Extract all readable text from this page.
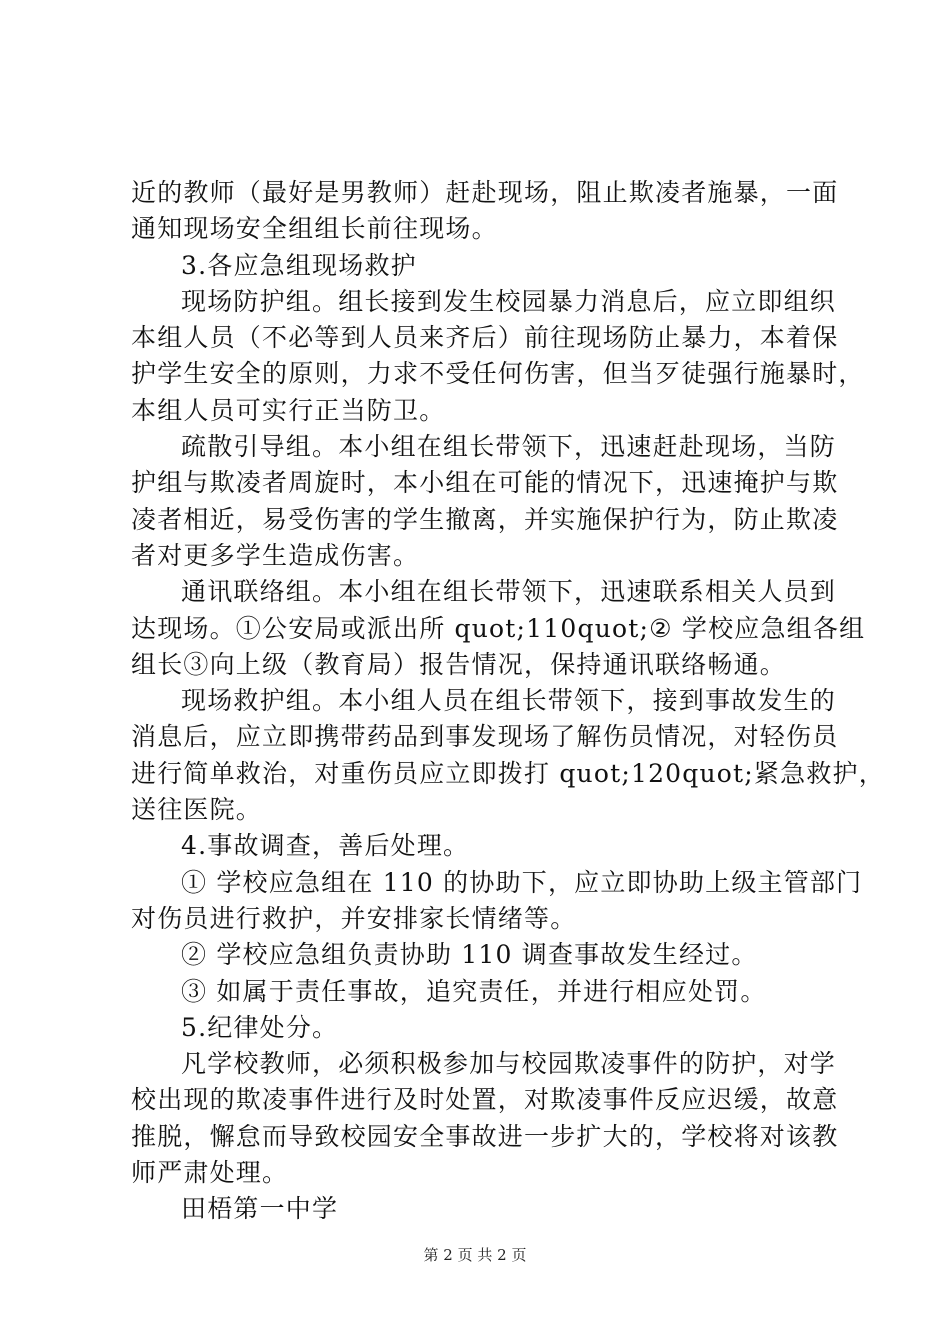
近的教师（最好是男教师）赶赴现场，阻止欺凌者施暴，一面
通知现场安全组组长前往现场。
3.各应急组现场救护
现场防护组。组长接到发生校园暴力消息后，应立即组织
本组人员（不必等到人员来齐后）前往现场防止暴力，本着保
护学生安全的原则，力求不受任何伤害，但当歹徒强行施暴时，
本组人员可实行正当防卫。
疏散引导组。本小组在组长带领下，迅速赶赴现场，当防
护组与欺凌者周旋时，本小组在可能的情况下，迅速掩护与欺
凌者相近，易受伤害的学生撤离，并实施保护行为，防止欺凌
者对更多学生造成伤害。
通讯联络组。本小组在组长带领下，迅速联系相关人员到
达现场。①公安局或派出所 quot;110quot;② 学校应急组各组
组长③向上级（教育局）报告情况，保持通讯联络畅通。
现场救护组。本小组人员在组长带领下，接到事故发生的
消息后，应立即携带药品到事发现场了解伤员情况，对轻伤员
进行简单救治，对重伤员应立即拨打 quot;120quot;紧急救护，
送往医院。
4.事故调查，善后处理。
① 学校应急组在 110 的协助下，应立即协助上级主管部门
对伤员进行救护，并安排家长情绪等。
② 学校应急组负责协助 110 调查事故发生经过。
③ 如属于责任事故，追究责任，并进行相应处罚。
5.纪律处分。
凡学校教师，必须积极参加与校园欺凌事件的防护，对学
校出现的欺凌事件进行及时处置，对欺凌事件反应迟缓，故意
推脱，懈怠而导致校园安全事故进一步扩大的，学校将对该教
师严肃处理。
田梧第一中学
第 2 页 共 2 页
